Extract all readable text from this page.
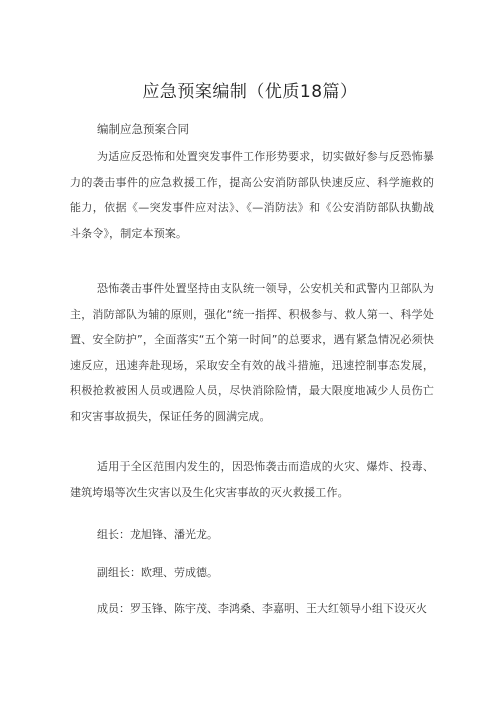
应急预案编制（优质18篇）

编制应急预案合同

为适应反恐怖和处置突发事件工作形势要求，切实做好参与反恐怖暴力的袭击事件的应急救援工作，提高公安消防部队快速反应、科学施救的能力，依据《—突发事件应对法》、《—消防法》和《公安消防部队执勤战斗条令》，制定本预案。

恐怖袭击事件处置坚持由支队统一领导，公安机关和武警内卫部队为主，消防部队为辅的原则，强化“统一指挥、积极参与、救人第一、科学处置、安全防护”，全面落实“五个第一时间”的总要求，遇有紧急情况必须快速反应，迅速奔赴现场，采取安全有效的战斗措施，迅速控制事态发展，积极抢救被困人员或遇险人员，尽快消除险情，最大限度地减少人员伤亡和灾害事故损失，保证任务的圆满完成。

适用于全区范围内发生的，因恐怖袭击而造成的火灾、爆炸、投毒、建筑垮塌等次生灾害以及生化灾害事故的灭火救援工作。

组长：龙旭锋、潘光龙。

副组长：欧理、劳成德。

成员：罗玉锋、陈宇茂、李鸿桑、李嘉明、王大红领导小组下设灭火
